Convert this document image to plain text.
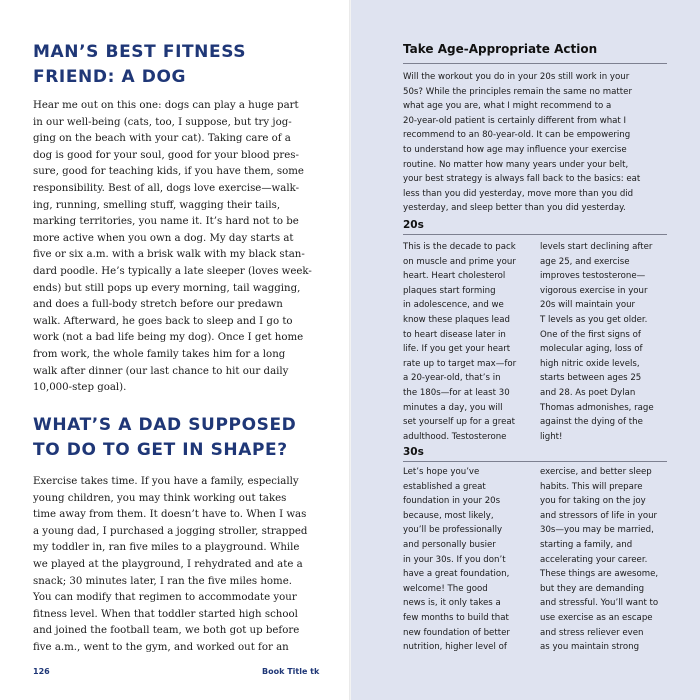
MAN’S BEST FITNESS
FRIEND: A DOG

Hear me out on this one: dogs can play a huge part
in our well-being (cats, too, I suppose, but try jog-
ging on the beach with your cat). Taking care of a
dog is good for your soul, good for your blood pres-
sure, good for teaching kids, if you have them, some
responsibility. Best of all, dogs love exercise—walk-
ing, running, smelling stuff, wagging their tails,
marking territories, you name it. It’s hard not to be
more active when you own a dog. My day starts at
five or six a.m. with a brisk walk with my black stan-
dard poodle. He’s typically a late sleeper (loves week-
ends) but still pops up every morning, tail wagging,
and does a full-body stretch before our predawn
walk. Afterward, he goes back to sleep and I go to
work (not a bad life being my dog). Once I get home
from work, the whole family takes him for a long
walk after dinner (our last chance to hit our daily
10,000-step goal).

WHAT’S A DAD SUPPOSED
TO DO TO GET IN SHAPE?

Exercise takes time. If you have a family, especially
young children, you may think working out takes
time away from them. It doesn’t have to. When I was
a young dad, I purchased a jogging stroller, strapped
my toddler in, ran five miles to a playground. While
we played at the playground, I rehydrated and ate a
snack; 30 minutes later, I ran the five miles home.
You can modify that regimen to accommodate your
fitness level. When that toddler started high school
and joined the football team, we both got up before
five a.m., went to the gym, and worked out for an

126	Book Title tk
Take Age-Appropriate Action

Will the workout you do in your 20s still work in your
50s? While the principles remain the same no matter
what age you are, what I might recommend to a
20-year-old patient is certainly different from what I
recommend to an 80-year-old. It can be empowering
to understand how age may influence your exercise
routine. No matter how many years under your belt,
your best strategy is always fall back to the basics: eat
less than you did yesterday, move more than you did
yesterday, and sleep better than you did yesterday.

20s

This is the decade to pack
on muscle and prime your
heart. Heart cholesterol
plaques start forming
in adolescence, and we
know these plaques lead
to heart disease later in
life. If you get your heart
rate up to target max—for
a 20-year-old, that’s in
the 180s—for at least 30
minutes a day, you will
set yourself up for a great
adulthood. Testosterone

levels start declining after
age 25, and exercise
improves testosterone—
vigorous exercise in your
20s will maintain your
T levels as you get older.
One of the first signs of
molecular aging, loss of
high nitric oxide levels,
starts between ages 25
and 28. As poet Dylan
Thomas admonishes, rage
against the dying of the
light!

30s

Let’s hope you’ve
established a great
foundation in your 20s
because, most likely,
you’ll be professionally
and personally busier
in your 30s. If you don’t
have a great foundation,
welcome! The good
news is, it only takes a
few months to build that
new foundation of better
nutrition, higher level of

exercise, and better sleep
habits. This will prepare
you for taking on the joy
and stressors of life in your
30s—you may be married,
starting a family, and
accelerating your career.
These things are awesome,
but they are demanding
and stressful. You’ll want to
use exercise as an escape
and stress reliever even
as you maintain strong
